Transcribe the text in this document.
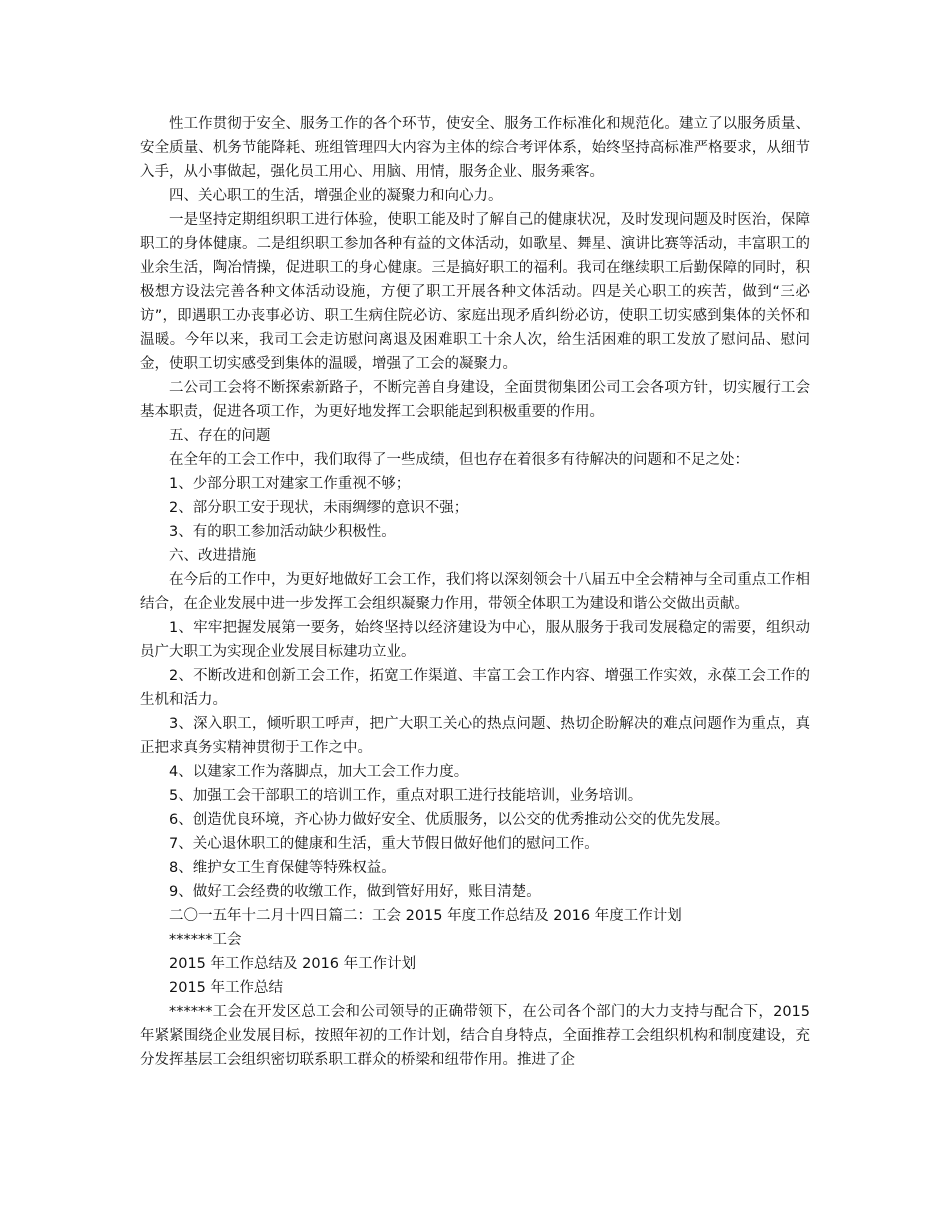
性工作贯彻于安全、服务工作的各个环节，使安全、服务工作标准化和规范化。建立了以服务质量、安全质量、机务节能降耗、班组管理四大内容为主体的综合考评体系，始终坚持高标准严格要求，从细节入手，从小事做起，强化员工用心、用脑、用情，服务企业、服务乘客。

四、关心职工的生活，增强企业的凝聚力和向心力。

一是坚持定期组织职工进行体验，使职工能及时了解自己的健康状况，及时发现问题及时医治，保障职工的身体健康。二是组织职工参加各种有益的文体活动，如歌星、舞星、演讲比赛等活动，丰富职工的业余生活，陶冶情操，促进职工的身心健康。三是搞好职工的福利。我司在继续职工后勤保障的同时，积极想方设法完善各种文体活动设施，方便了职工开展各种文体活动。四是关心职工的疾苦，做到“三必访”，即遇职工办丧事必访、职工生病住院必访、家庭出现矛盾纠纷必访，使职工切实感到集体的关怀和温暖。今年以来，我司工会走访慰问离退及困难职工十余人次，给生活困难的职工发放了慰问品、慰问金，使职工切实感受到集体的温暖，增强了工会的凝聚力。

二公司工会将不断探索新路子，不断完善自身建设，全面贯彻集团公司工会各项方针，切实履行工会基本职责，促进各项工作，为更好地发挥工会职能起到积极重要的作用。

五、存在的问题

在全年的工会工作中，我们取得了一些成绩，但也存在着很多有待解决的问题和不足之处：

1、少部分职工对建家工作重视不够；

2、部分职工安于现状，未雨绸缪的意识不强；

3、有的职工参加活动缺少积极性。

六、改进措施

在今后的工作中，为更好地做好工会工作，我们将以深刻领会十八届五中全会精神与全司重点工作相结合，在企业发展中进一步发挥工会组织凝聚力作用，带领全体职工为建设和谐公交做出贡献。

1、牢牢把握发展第一要务，始终坚持以经济建设为中心，服从服务于我司发展稳定的需要，组织动员广大职工为实现企业发展目标建功立业。

2、不断改进和创新工会工作，拓宽工作渠道、丰富工会工作内容、增强工作实效，永葆工会工作的生机和活力。

3、深入职工，倾听职工呼声，把广大职工关心的热点问题、热切企盼解决的难点问题作为重点，真正把求真务实精神贯彻于工作之中。

4、以建家工作为落脚点，加大工会工作力度。

5、加强工会干部职工的培训工作，重点对职工进行技能培训，业务培训。

6、创造优良环境，齐心协力做好安全、优质服务，以公交的优秀推动公交的优先发展。

7、关心退休职工的健康和生活，重大节假日做好他们的慰问工作。

8、维护女工生育保健等特殊权益。

9、做好工会经费的收缴工作，做到管好用好，账目清楚。

二〇一五年十二月十四日篇二：工会 2015 年度工作总结及 2016 年度工作计划

******工会

2015 年工作总结及 2016 年工作计划

2015 年工作总结

******工会在开发区总工会和公司领导的正确带领下，在公司各个部门的大力支持与配合下，2015 年紧紧围绕企业发展目标，按照年初的工作计划，结合自身特点，全面推荐工会组织机构和制度建设，充分发挥基层工会组织密切联系职工群众的桥梁和纽带作用。推进了企
